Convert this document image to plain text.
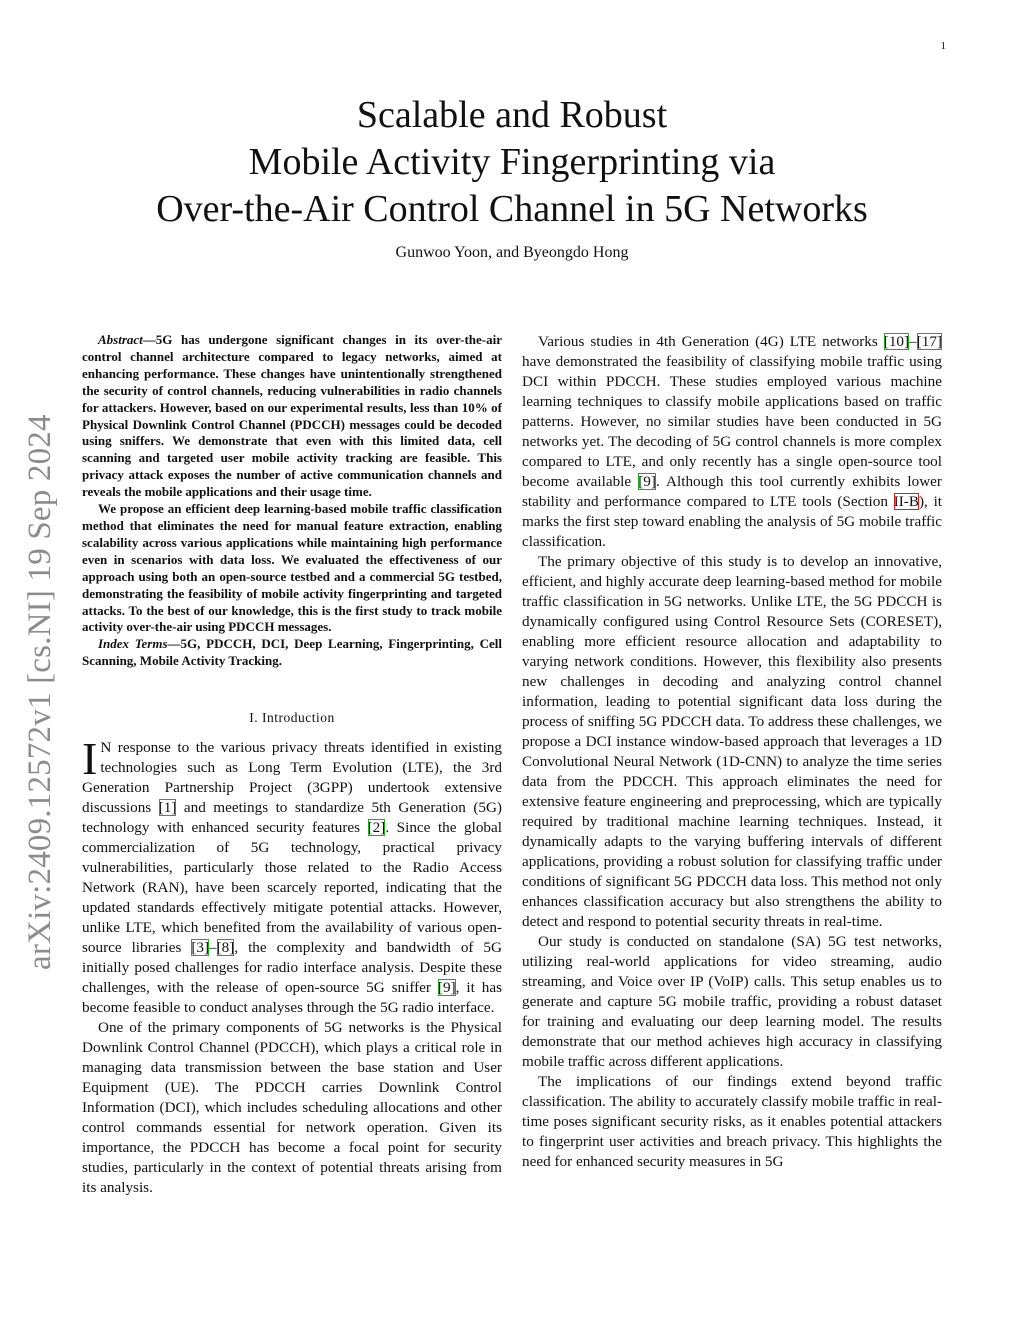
1
arXiv:2409.12572v1 [cs.NI] 19 Sep 2024
Scalable and Robust
Mobile Activity Fingerprinting via
Over-the-Air Control Channel in 5G Networks
Gunwoo Yoon, and Byeongdo Hong

Abstract—5G has undergone significant changes in its over-the-air control channel architecture compared to legacy networks, aimed at enhancing performance. These changes have unintentionally strengthened the security of control channels, reducing vulnerabilities in radio channels for attackers. However, based on our experimental results, less than 10% of Physical Downlink Control Channel (PDCCH) messages could be decoded using sniffers. We demonstrate that even with this limited data, cell scanning and targeted user mobile activity tracking are feasible. This privacy attack exposes the number of active communication channels and reveals the mobile applications and their usage time.

We propose an efficient deep learning-based mobile traffic classification method that eliminates the need for manual feature extraction, enabling scalability across various applications while maintaining high performance even in scenarios with data loss. We evaluated the effectiveness of our approach using both an open-source testbed and a commercial 5G testbed, demonstrating the feasibility of mobile activity fingerprinting and targeted attacks. To the best of our knowledge, this is the first study to track mobile activity over-the-air using PDCCH messages.

Index Terms—5G, PDCCH, DCI, Deep Learning, Fingerprinting, Cell Scanning, Mobile Activity Tracking.

I. Introduction

I N response to the various privacy threats identified in existing technologies such as Long Term Evolution (LTE), the 3rd Generation Partnership Project (3GPP) undertook extensive discussions [1] and meetings to standardize 5th Generation (5G) technology with enhanced security features [2]. Since the global commercialization of 5G technology, practical privacy vulnerabilities, particularly those related to the Radio Access Network (RAN), have been scarcely reported, indicating that the updated standards effectively mitigate potential attacks. However, unlike LTE, which benefited from the availability of various open-source libraries [3]–[8], the complexity and bandwidth of 5G initially posed challenges for radio interface analysis. Despite these challenges, with the release of open-source 5G sniffer [9], it has become feasible to conduct analyses through the 5G radio interface.

One of the primary components of 5G networks is the Physical Downlink Control Channel (PDCCH), which plays a critical role in managing data transmission between the base station and User Equipment (UE). The PDCCH carries Downlink Control Information (DCI), which includes scheduling allocations and other control commands essential for network operation. Given its importance, the PDCCH has become a focal point for security studies, particularly in the context of potential threats arising from its analysis.

Various studies in 4th Generation (4G) LTE networks [10]–[17] have demonstrated the feasibility of classifying mobile traffic using DCI within PDCCH. These studies employed various machine learning techniques to classify mobile applications based on traffic patterns. However, no similar studies have been conducted in 5G networks yet. The decoding of 5G control channels is more complex compared to LTE, and only recently has a single open-source tool become available [9]. Although this tool currently exhibits lower stability and performance compared to LTE tools (Section II-B), it marks the first step toward enabling the analysis of 5G mobile traffic classification.

The primary objective of this study is to develop an innovative, efficient, and highly accurate deep learning-based method for mobile traffic classification in 5G networks. Unlike LTE, the 5G PDCCH is dynamically configured using Control Resource Sets (CORESET), enabling more efficient resource allocation and adaptability to varying network conditions. However, this flexibility also presents new challenges in decoding and analyzing control channel information, leading to potential significant data loss during the process of sniffing 5G PDCCH data. To address these challenges, we propose a DCI instance window-based approach that leverages a 1D Convolutional Neural Network (1D-CNN) to analyze the time series data from the PDCCH. This approach eliminates the need for extensive feature engineering and preprocessing, which are typically required by traditional machine learning techniques. Instead, it dynamically adapts to the varying buffering intervals of different applications, providing a robust solution for classifying traffic under conditions of significant 5G PDCCH data loss. This method not only enhances classification accuracy but also strengthens the ability to detect and respond to potential security threats in real-time.

Our study is conducted on standalone (SA) 5G test networks, utilizing real-world applications for video streaming, audio streaming, and Voice over IP (VoIP) calls. This setup enables us to generate and capture 5G mobile traffic, providing a robust dataset for training and evaluating our deep learning model. The results demonstrate that our method achieves high accuracy in classifying mobile traffic across different applications.

The implications of our findings extend beyond traffic classification. The ability to accurately classify mobile traffic in real-time poses significant security risks, as it enables potential attackers to fingerprint user activities and breach privacy. This highlights the need for enhanced security measures in 5G
